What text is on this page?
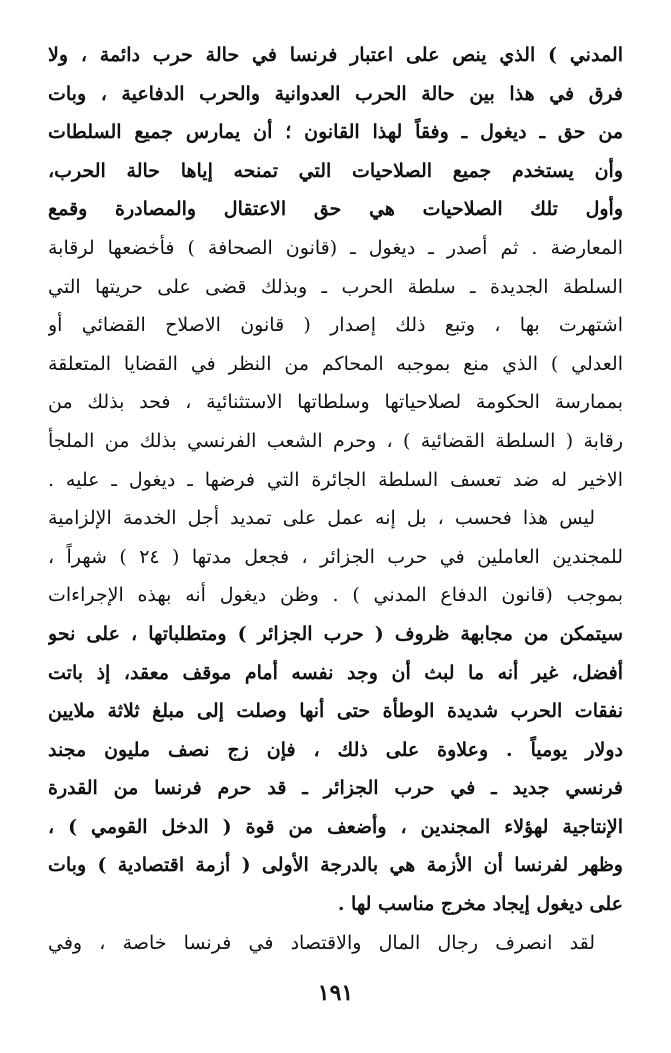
المدني ) الذي ينص على اعتبار فرنسا في حالة حرب دائمة ، ولا
فرق في هذا بين حالة الحرب العدوانية والحرب الدفاعية ، وبات
من حق ـ ديغول ـ وفقاً لهذا القانون ؛ أن يمارس جميع السلطات
وأن يستخدم جميع الصلاحيات التي تمنحه إياها حالة الحرب،
وأول تلك الصلاحيات هي حق الاعتقال والمصادرة وقمع
المعارضة . ثم أصدر ـ ديغول ـ (قانون الصحافة ) فأخضعها لرقابة
السلطة الجديدة ـ سلطة الحرب ـ وبذلك قضى على حريتها التي
اشتهرت بها ، وتبع ذلك إصدار ( قانون الاصلاح القضائي أو
العدلي ) الذي منع بموجبه المحاكم من النظر في القضايا المتعلقة
بممارسة الحكومة لصلاحياتها وسلطاتها الاستثنائية ، فحد بذلك من
رقابة ( السلطة القضائية ) ، وحرم الشعب الفرنسي بذلك من الملجأ
الاخير له ضد تعسف السلطة الجائرة التي فرضها ـ ديغول ـ عليه .
ليس هذا فحسب ، بل إنه عمل على تمديد أجل الخدمة الإلزامية
للمجندين العاملين في حرب الجزائر ، فجعل مدتها ( ٢٤ ) شهراً ،
بموجب (قانون الدفاع المدني ) . وظن ديغول أنه بهذه الإجراءات
سيتمكن من مجابهة ظروف ( حرب الجزائر ) ومتطلباتها ، على نحو
أفضل، غير أنه ما لبث أن وجد نفسه أمام موقف معقد، إذ باتت
نفقات الحرب شديدة الوطأة حتى أنها وصلت إلى مبلغ ثلاثة ملايين
دولار يومياً . وعلاوة على ذلك ، فإن زج نصف مليون مجند
فرنسي جديد ـ في حرب الجزائر ـ قد حرم فرنسا من القدرة
الإنتاجية لهؤلاء المجندين ، وأضعف من قوة ( الدخل القومي ) ،
وظهر لفرنسا أن الأزمة هي بالدرجة الأولى ( أزمة اقتصادية ) وبات
على ديغول إيجاد مخرج مناسب لها .
لقد انصرف رجال المال والاقتصاد في فرنسا خاصة ، وفي
١٩١
